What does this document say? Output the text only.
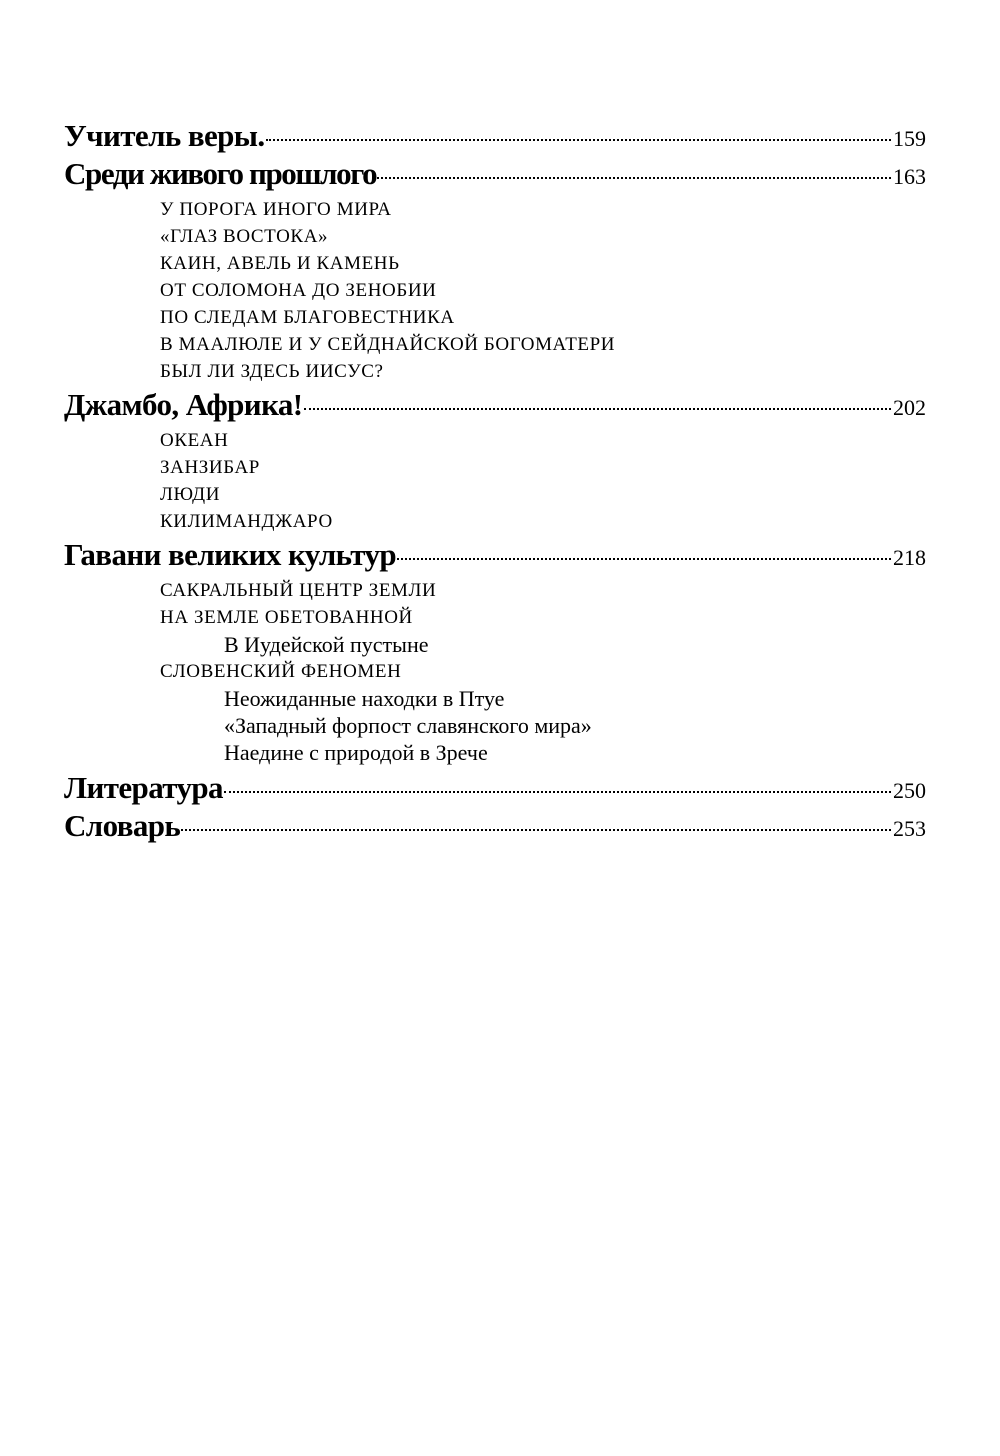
Учитель веры.	159
Среди живого прошлого	163
У ПОРОГА ИНОГО МИРА
«ГЛАЗ ВОСТОКА»
КАИН, АВЕЛЬ И КАМЕНЬ
ОТ СОЛОМОНА ДО ЗЕНОБИИ
ПО СЛЕДАМ БЛАГОВЕСТНИКА
В МААЛЮЛЕ И У СЕЙДНАЙСКОЙ БОГОМАТЕРИ
БЫЛ ЛИ ЗДЕСЬ ИИСУС?
Джамбо, Африка!	202
ОКЕАН
ЗАНЗИБАР
ЛЮДИ
КИЛИМАНДЖАРО
Гавани великих культур	218
САКРАЛЬНЫЙ ЦЕНТР ЗЕМЛИ
НА ЗЕМЛЕ ОБЕТОВАННОЙ
В Иудейской пустыне
СЛОВЕНСКИЙ ФЕНОМЕН
Неожиданные находки в Птуе
«Западный форпост славянского мира»
Наедине с природой в Зрече
Литература	250
Словарь	253
